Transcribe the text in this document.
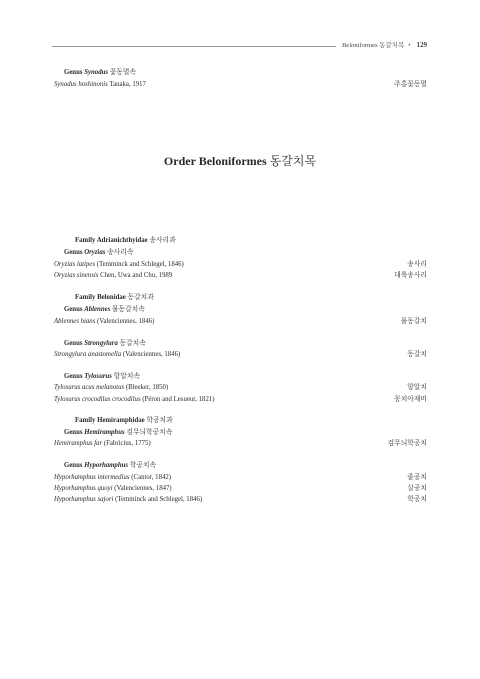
Beloniformes 동갈치목 • 129
Genus Synodus 꽃동멸속
Synodus hoshinonis Tanaka, 1917	주홍꽃동멸
Order Beloniformes 동갈치목
Family Adrianichthyidae 송사리과
Genus Oryzias 송사리속
Oryzias latipes (Temminck and Schlegel, 1846)	송사리
Oryzias sinensis Chen, Uwa and Chu, 1989	대륙송사리
Family Belonidae 동갈치과
Genus Ablennes 물동갈치속
Ablennes hians (Valenciennes, 1846)	물동갈치
Genus Strongylura 동갈치속
Strongylura anastomella (Valenciennes, 1846)	동갈치
Genus Tylosurus 항알치속
Tylosurus acus melanotus (Bleeker, 1850)	항알치
Tylosurus crocodilus crocodilus (Péron and Lesueur, 1821)	꽁치아재비
Family Hemiramphidae 학공치과
Genus Hemiramphus 검무늬학공치속
Hemiramphus far (Fabricius, 1775)	검무늬학공치
Genus Hyporhamphus 학공치속
Hyporhamphus intermedius (Cantor, 1842)	줄공치
Hyporhamphus quoyi (Valenciennes, 1847)	살공치
Hyporhamphus sajori (Temminck and Schlegel, 1846)	학공치
